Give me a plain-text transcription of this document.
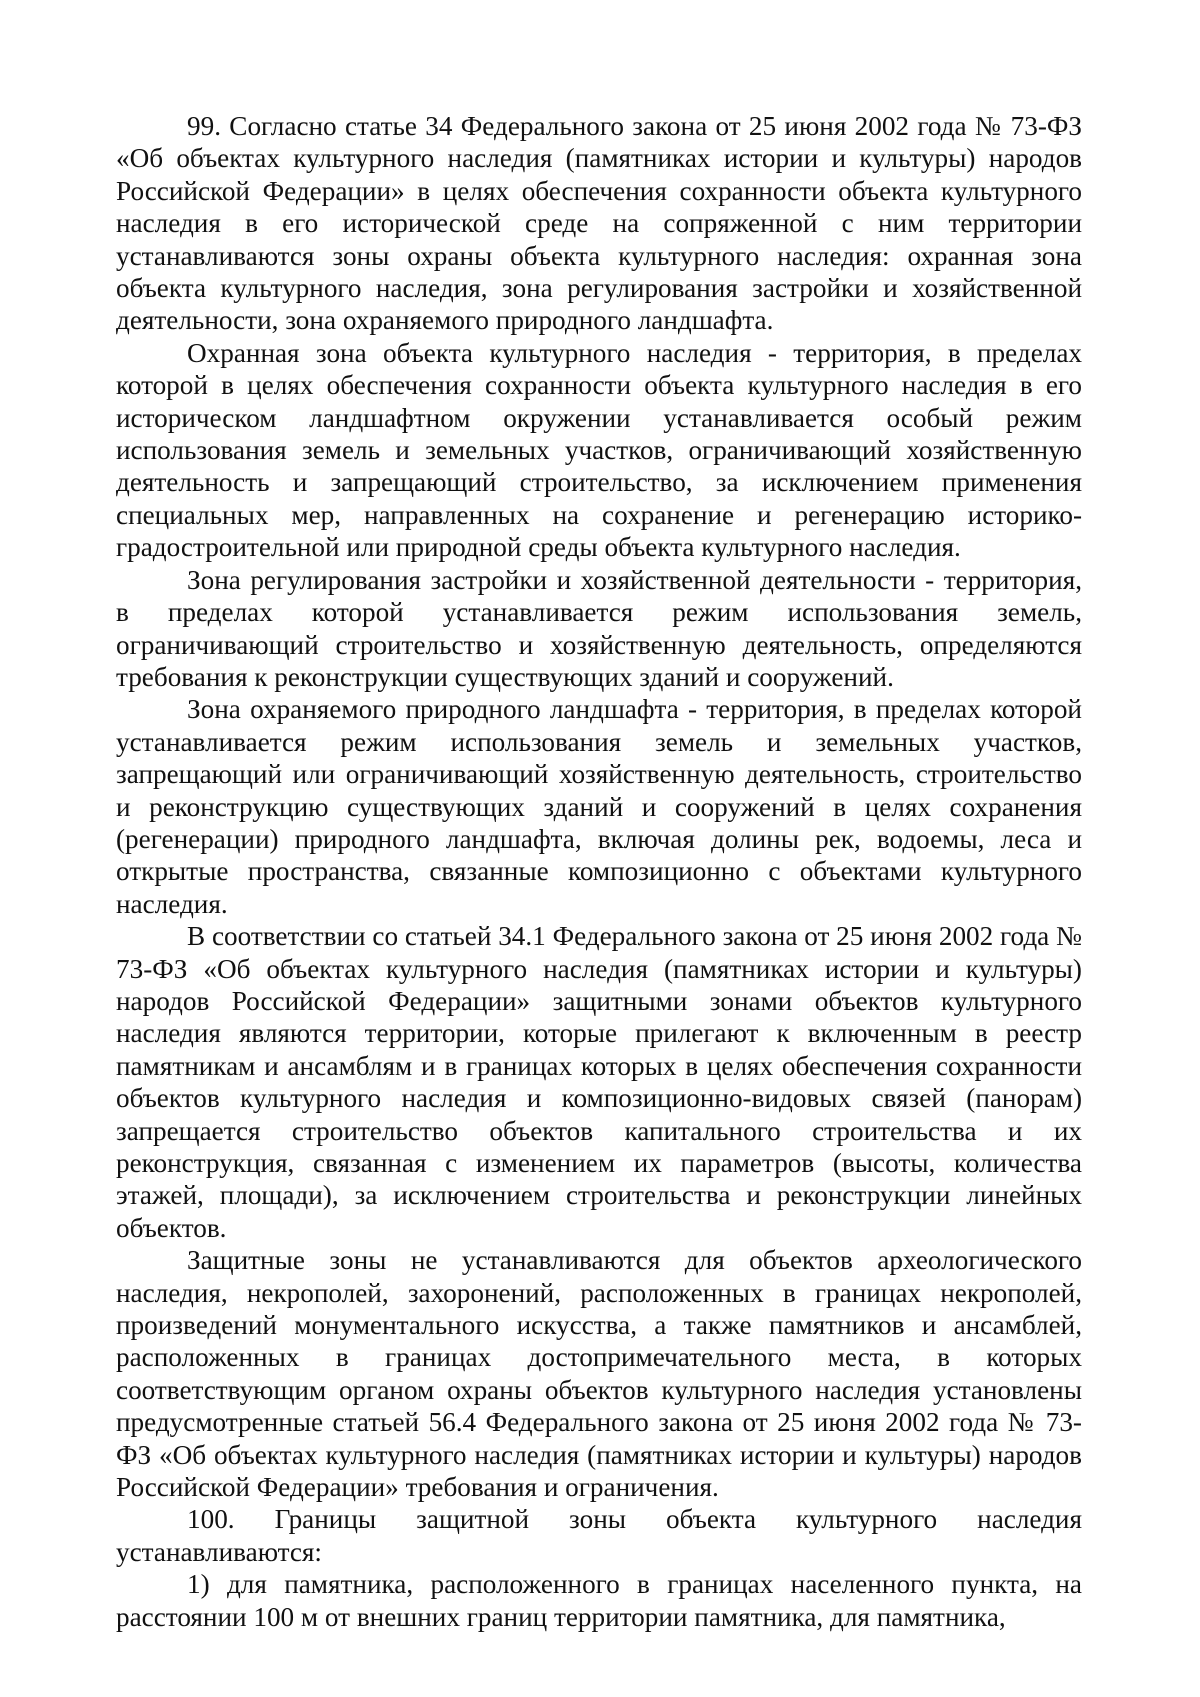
99. Согласно статье 34 Федерального закона от 25 июня 2002 года № 73-ФЗ «Об объектах культурного наследия (памятниках истории и культуры) народов Российской Федерации» в целях обеспечения сохранности объекта культурного наследия в его исторической среде на сопряженной с ним территории устанавливаются зоны охраны объекта культурного наследия: охранная зона объекта культурного наследия, зона регулирования застройки и хозяйственной деятельности, зона охраняемого природного ландшафта.

Охранная зона объекта культурного наследия - территория, в пределах которой в целях обеспечения сохранности объекта культурного наследия в его историческом ландшафтном окружении устанавливается особый режим использования земель и земельных участков, ограничивающий хозяйственную деятельность и запрещающий строительство, за исключением применения специальных мер, направленных на сохранение и регенерацию историко-градостроительной или природной среды объекта культурного наследия.

Зона регулирования застройки и хозяйственной деятельности - территория, в пределах которой устанавливается режим использования земель, ограничивающий строительство и хозяйственную деятельность, определяются требования к реконструкции существующих зданий и сооружений.

Зона охраняемого природного ландшафта - территория, в пределах которой устанавливается режим использования земель и земельных участков, запрещающий или ограничивающий хозяйственную деятельность, строительство и реконструкцию существующих зданий и сооружений в целях сохранения (регенерации) природного ландшафта, включая долины рек, водоемы, леса и открытые пространства, связанные композиционно с объектами культурного наследия.

В соответствии со статьей 34.1 Федерального закона от 25 июня 2002 года № 73-ФЗ «Об объектах культурного наследия (памятниках истории и культуры) народов Российской Федерации» защитными зонами объектов культурного наследия являются территории, которые прилегают к включенным в реестр памятникам и ансамблям и в границах которых в целях обеспечения сохранности объектов культурного наследия и композиционно-видовых связей (панорам) запрещается строительство объектов капитального строительства и их реконструкция, связанная с изменением их параметров (высоты, количества этажей, площади), за исключением строительства и реконструкции линейных объектов.

Защитные зоны не устанавливаются для объектов археологического наследия, некрополей, захоронений, расположенных в границах некрополей, произведений монументального искусства, а также памятников и ансамблей, расположенных в границах достопримечательного места, в которых соответствующим органом охраны объектов культурного наследия установлены предусмотренные статьей 56.4 Федерального закона от 25 июня 2002 года № 73-ФЗ «Об объектах культурного наследия (памятниках истории и культуры) народов Российской Федерации» требования и ограничения.

100. Границы защитной зоны объекта культурного наследия устанавливаются:

1) для памятника, расположенного в границах населенного пункта, на расстоянии 100 м от внешних границ территории памятника, для памятника,
